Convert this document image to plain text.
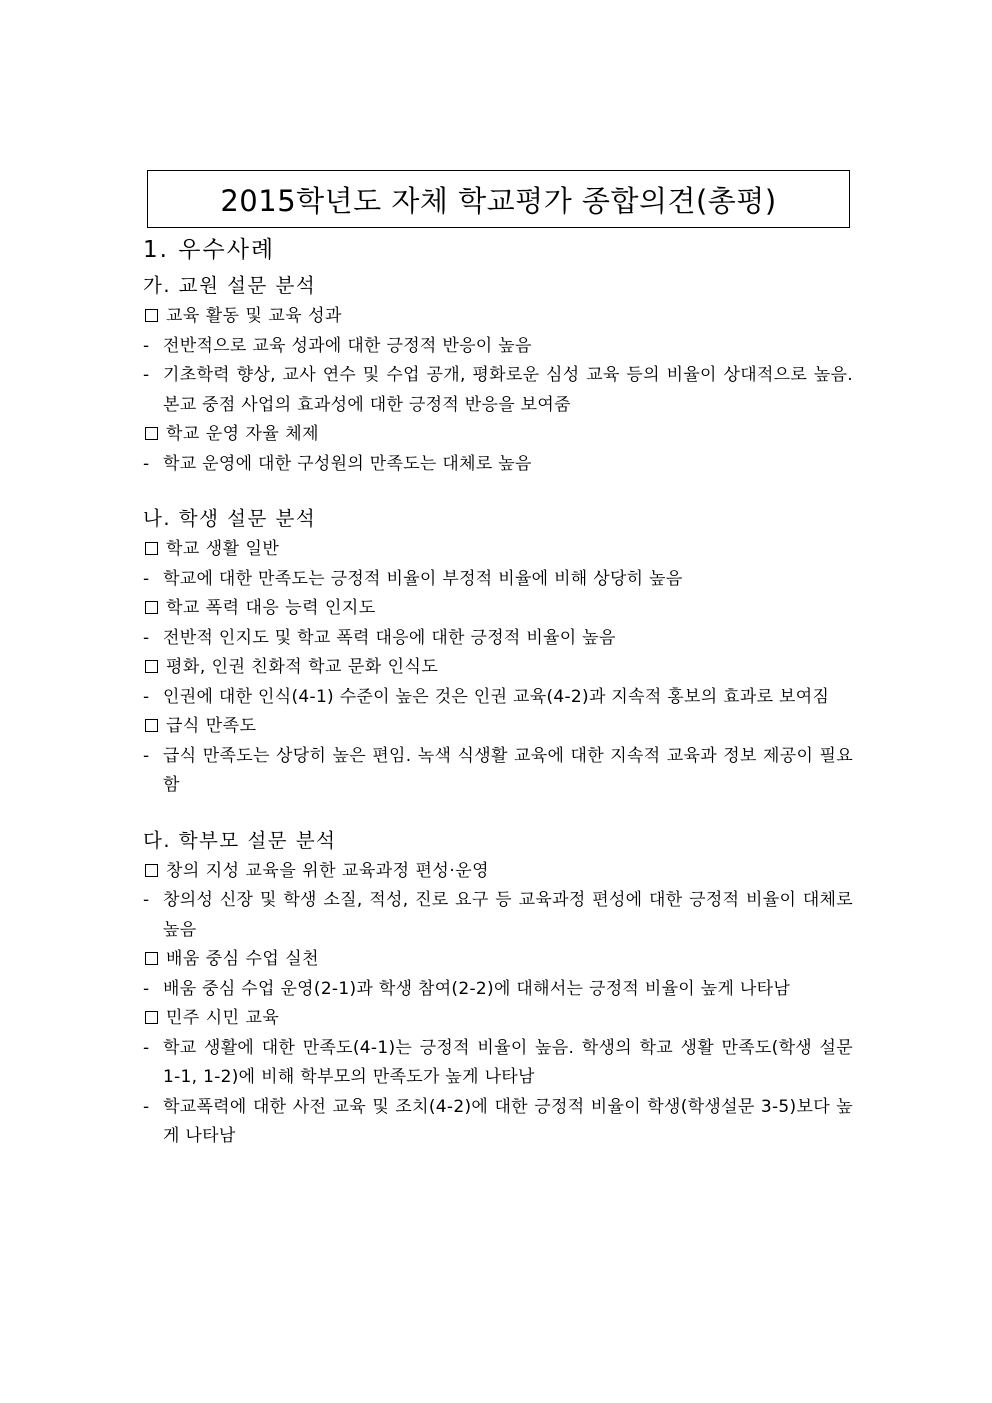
2015학년도 자체 학교평가 종합의견(총평)
1. 우수사례
가. 교원 설문 분석
교육 활동 및 교육 성과
- 전반적으로 교육 성과에 대한 긍정적 반응이 높음
- 기초학력 향상, 교사 연수 및 수업 공개, 평화로운 심성 교육 등의 비율이 상대적으로 높음. 본교 중점 사업의 효과성에 대한 긍정적 반응을 보여줌
학교 운영 자율 체제
- 학교 운영에 대한 구성원의 만족도는 대체로 높음
나. 학생 설문 분석
학교 생활 일반
- 학교에 대한 만족도는 긍정적 비율이 부정적 비율에 비해 상당히 높음
학교 폭력 대응 능력 인지도
- 전반적 인지도 및 학교 폭력 대응에 대한 긍정적 비율이 높음
평화, 인권 친화적 학교 문화 인식도
- 인권에 대한 인식(4-1) 수준이 높은 것은 인권 교육(4-2)과 지속적 홍보의 효과로 보여짐
급식 만족도
- 급식 만족도는 상당히 높은 편임. 녹색 식생활 교육에 대한 지속적 교육과 정보 제공이 필요함
다. 학부모 설문 분석
창의 지성 교육을 위한 교육과정 편성·운영
- 창의성 신장 및 학생 소질, 적성, 진로 요구 등 교육과정 편성에 대한 긍정적 비율이 대체로 높음
배움 중심 수업 실천
- 배움 중심 수업 운영(2-1)과 학생 참여(2-2)에 대해서는 긍정적 비율이 높게 나타남
민주 시민 교육
- 학교 생활에 대한 만족도(4-1)는 긍정적 비율이 높음. 학생의 학교 생활 만족도(학생 설문 1-1, 1-2)에 비해 학부모의 만족도가 높게 나타남
- 학교폭력에 대한 사전 교육 및 조치(4-2)에 대한 긍정적 비율이 학생(학생설문 3-5)보다 높게 나타남
